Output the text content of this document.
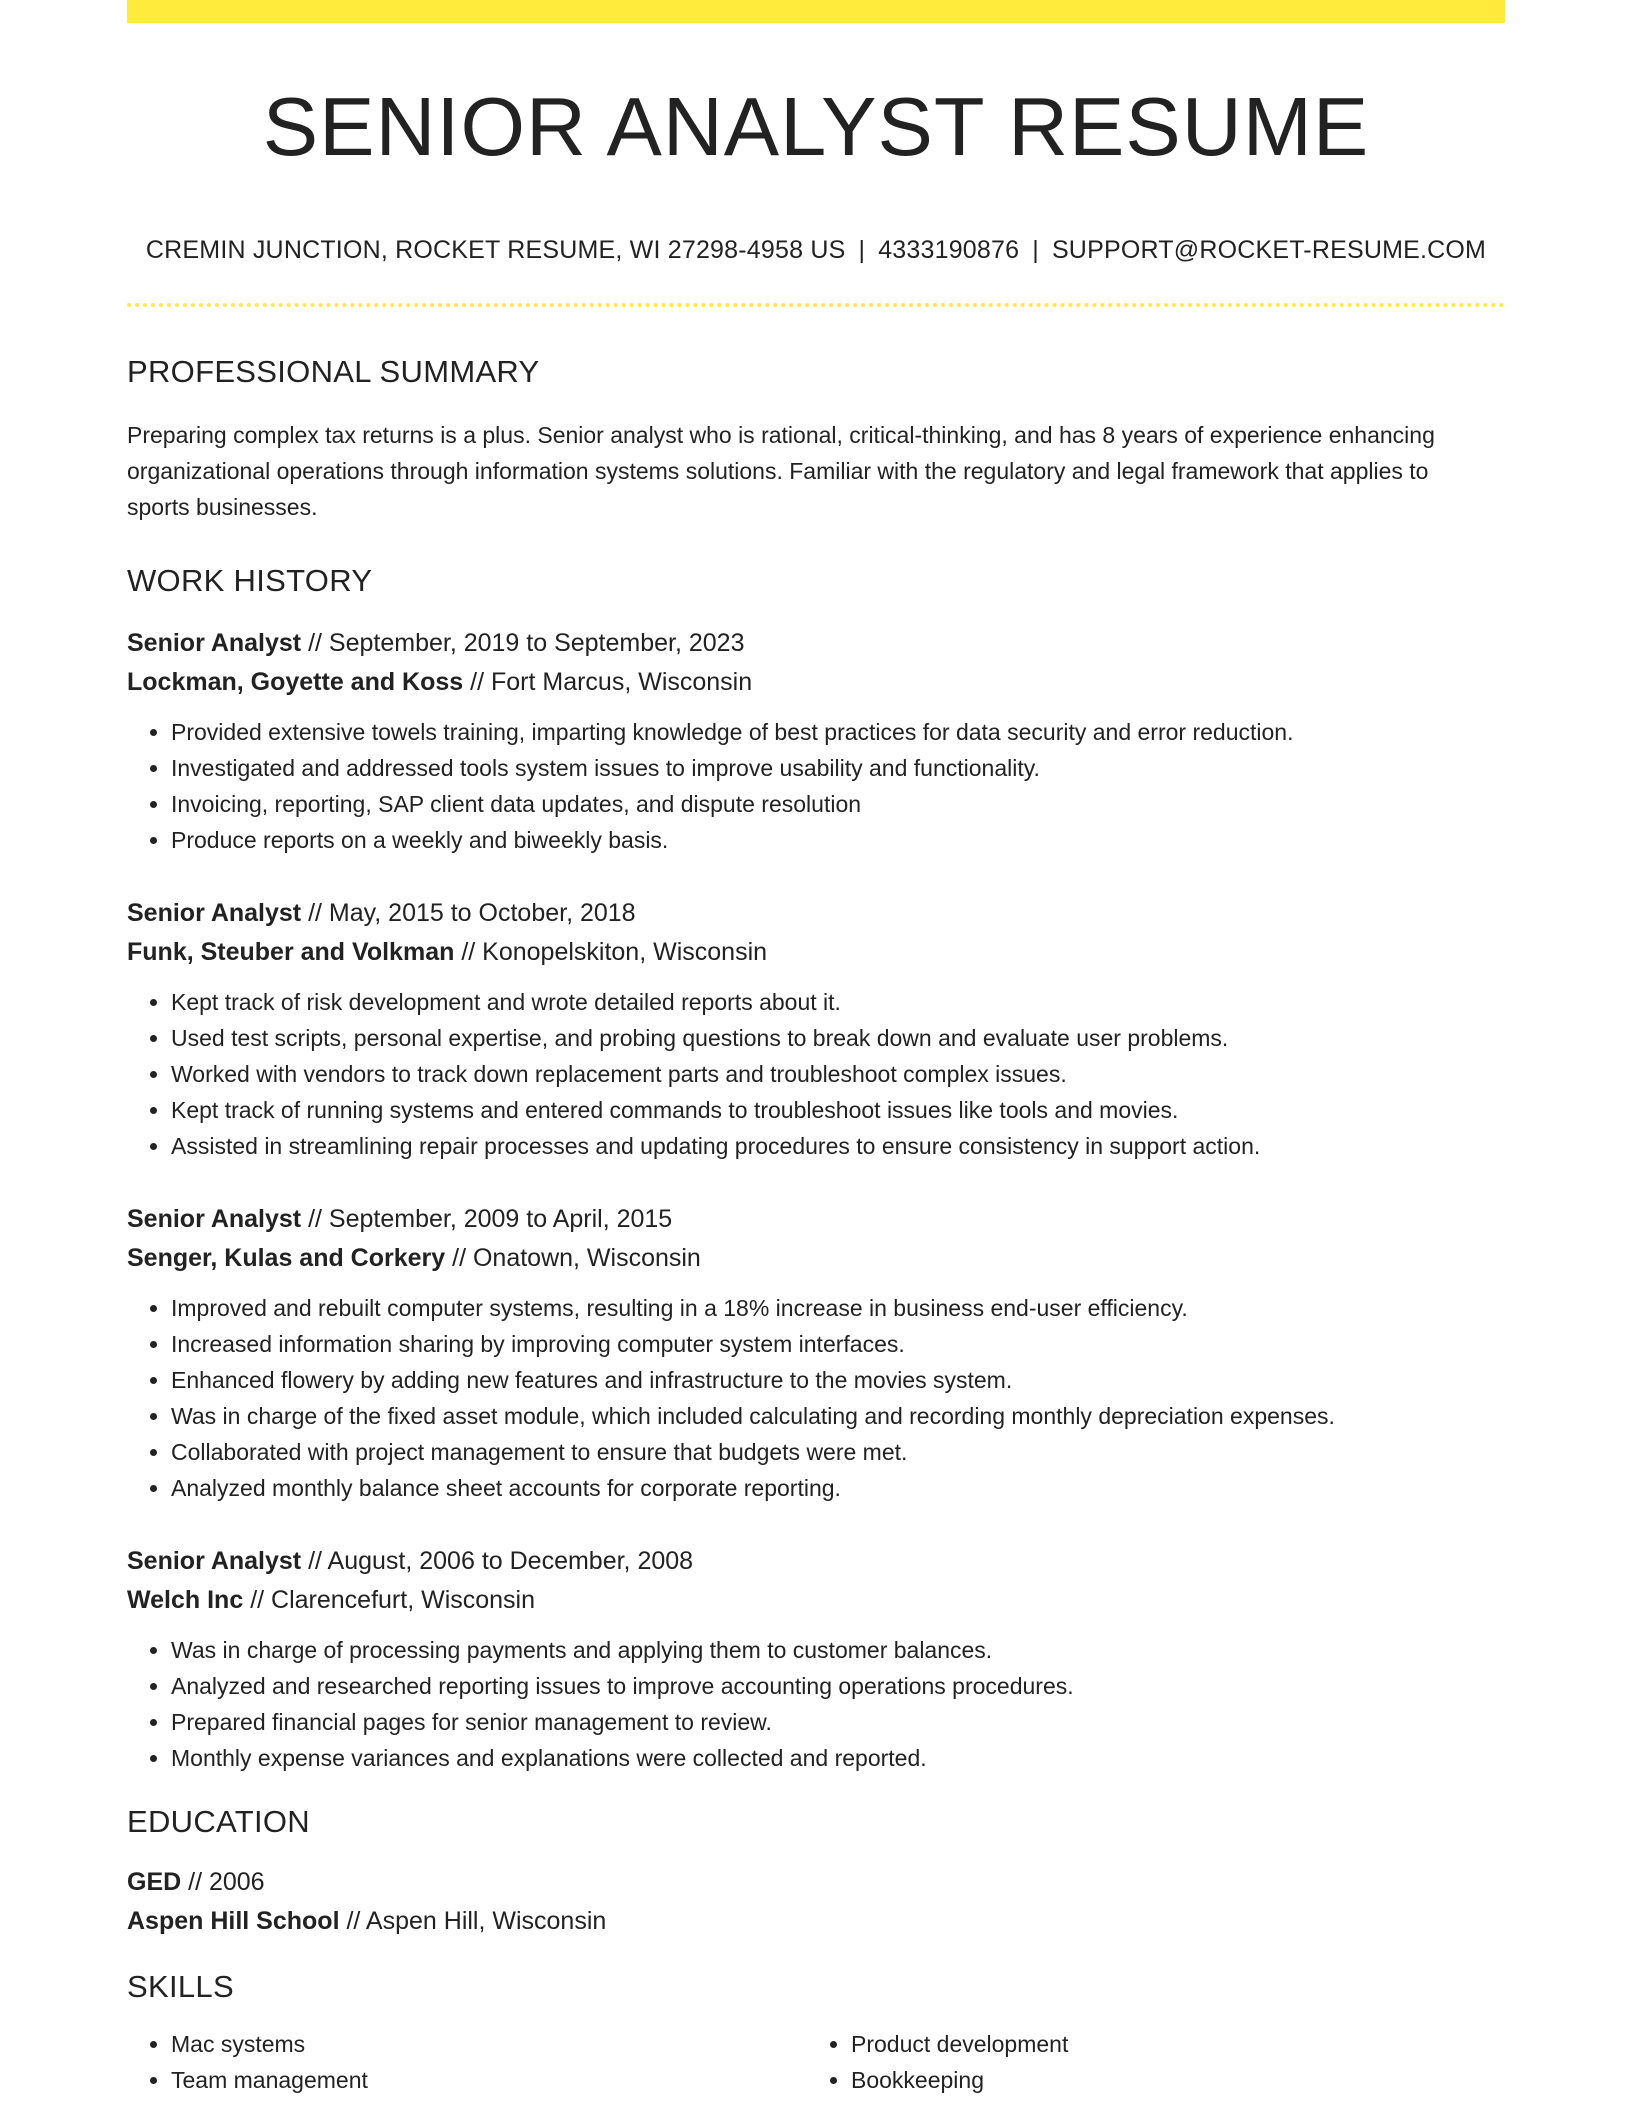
SENIOR ANALYST RESUME
CREMIN JUNCTION, ROCKET RESUME, WI 27298-4958 US | 4333190876 | SUPPORT@ROCKET-RESUME.COM
PROFESSIONAL SUMMARY
Preparing complex tax returns is a plus. Senior analyst who is rational, critical-thinking, and has 8 years of experience enhancing organizational operations through information systems solutions. Familiar with the regulatory and legal framework that applies to sports businesses.
WORK HISTORY
Senior Analyst // September, 2019 to September, 2023
Lockman, Goyette and Koss // Fort Marcus, Wisconsin
• Provided extensive towels training, imparting knowledge of best practices for data security and error reduction.
• Investigated and addressed tools system issues to improve usability and functionality.
• Invoicing, reporting, SAP client data updates, and dispute resolution
• Produce reports on a weekly and biweekly basis.
Senior Analyst // May, 2015 to October, 2018
Funk, Steuber and Volkman // Konopelskiton, Wisconsin
• Kept track of risk development and wrote detailed reports about it.
• Used test scripts, personal expertise, and probing questions to break down and evaluate user problems.
• Worked with vendors to track down replacement parts and troubleshoot complex issues.
• Kept track of running systems and entered commands to troubleshoot issues like tools and movies.
• Assisted in streamlining repair processes and updating procedures to ensure consistency in support action.
Senior Analyst // September, 2009 to April, 2015
Senger, Kulas and Corkery // Onatown, Wisconsin
• Improved and rebuilt computer systems, resulting in a 18% increase in business end-user efficiency.
• Increased information sharing by improving computer system interfaces.
• Enhanced flowery by adding new features and infrastructure to the movies system.
• Was in charge of the fixed asset module, which included calculating and recording monthly depreciation expenses.
• Collaborated with project management to ensure that budgets were met.
• Analyzed monthly balance sheet accounts for corporate reporting.
Senior Analyst // August, 2006 to December, 2008
Welch Inc // Clarencefurt, Wisconsin
• Was in charge of processing payments and applying them to customer balances.
• Analyzed and researched reporting issues to improve accounting operations procedures.
• Prepared financial pages for senior management to review.
• Monthly expense variances and explanations were collected and reported.
EDUCATION
GED // 2006
Aspen Hill School // Aspen Hill, Wisconsin
SKILLS
• Mac systems
• Team management
• Product development
• Bookkeeping
